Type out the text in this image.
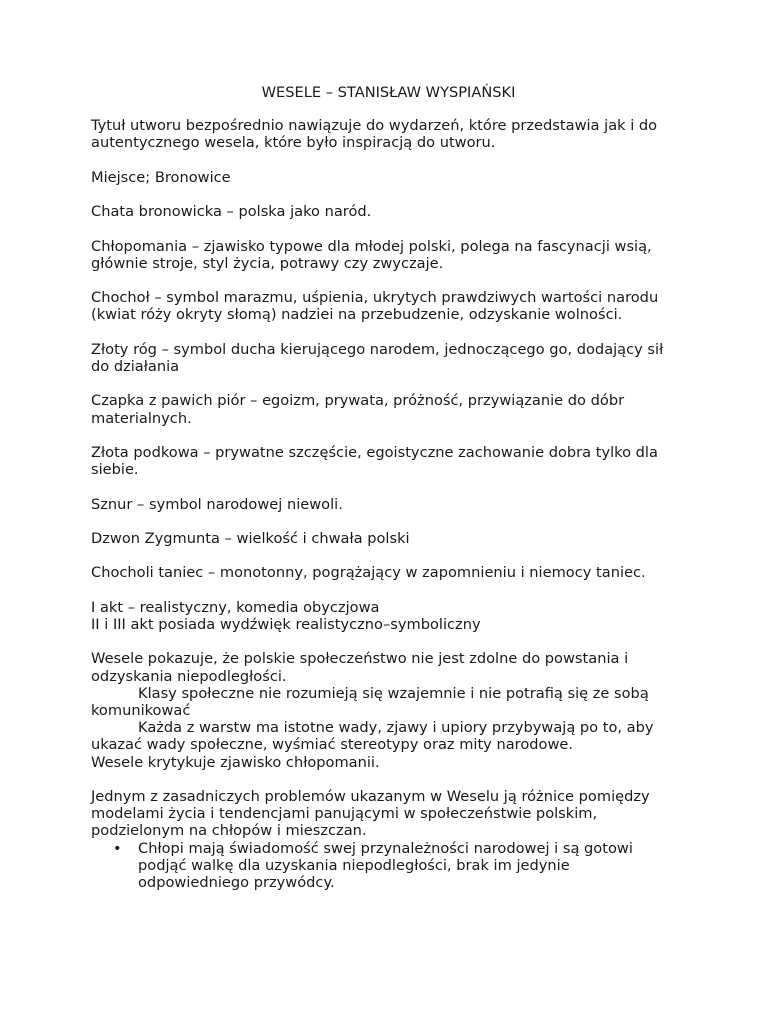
WESELE – STANISŁAW WYSPIAŃSKI

Tytuł utworu bezpośrednio nawiązuje do wydarzeń, które przedstawia jak i do autentycznego wesela, które było inspiracją do utworu.

Miejsce; Bronowice

Chata bronowicka – polska jako naród.

Chłopomania – zjawisko typowe dla młodej polski, polega na fascynacji wsią, głównie stroje, styl życia, potrawy czy zwyczaje.

Chochoł – symbol marazmu, uśpienia, ukrytych prawdziwych wartości narodu (kwiat róży okryty słomą) nadziei na przebudzenie, odzyskanie wolności.

Złoty róg – symbol ducha kierującego narodem, jednoczącego go, dodający sił do działania

Czapka z pawich piór – egoizm, prywata, próżność, przywiązanie do dóbr materialnych.

Złota podkowa – prywatne szczęście, egoistyczne zachowanie dobra tylko dla siebie.

Sznur – symbol narodowej niewoli.

Dzwon Zygmunta – wielkość i chwała polski

Chocholi taniec – monotonny, pogrążający w zapomnieniu i niemocy taniec.

I akt – realistyczny, komedia obyczjowa

II i III akt posiada wydźwięk realistyczno–symboliczny

Wesele pokazuje, że polskie społeczeństwo nie jest zdolne do powstania i odzyskania niepodległości.

Klasy społeczne nie rozumieją się wzajemnie i nie potrafią się ze sobą komunikować

Każda z warstw ma istotne wady, zjawy i upiory przybywają po to, aby ukazać wady społeczne, wyśmiać stereotypy oraz mity narodowe.

Wesele krytykuje zjawisko chłopomanii.

Jednym z zasadniczych problemów ukazanym w Weselu ją różnice pomiędzy modelami życia i tendencjami panującymi w społeczeństwie polskim, podzielonym na chłopów i mieszczan.

• Chłopi mają świadomość swej przynależności narodowej i są gotowi podjąć walkę dla uzyskania niepodległości, brak im jedynie odpowiedniego przywódcy.
